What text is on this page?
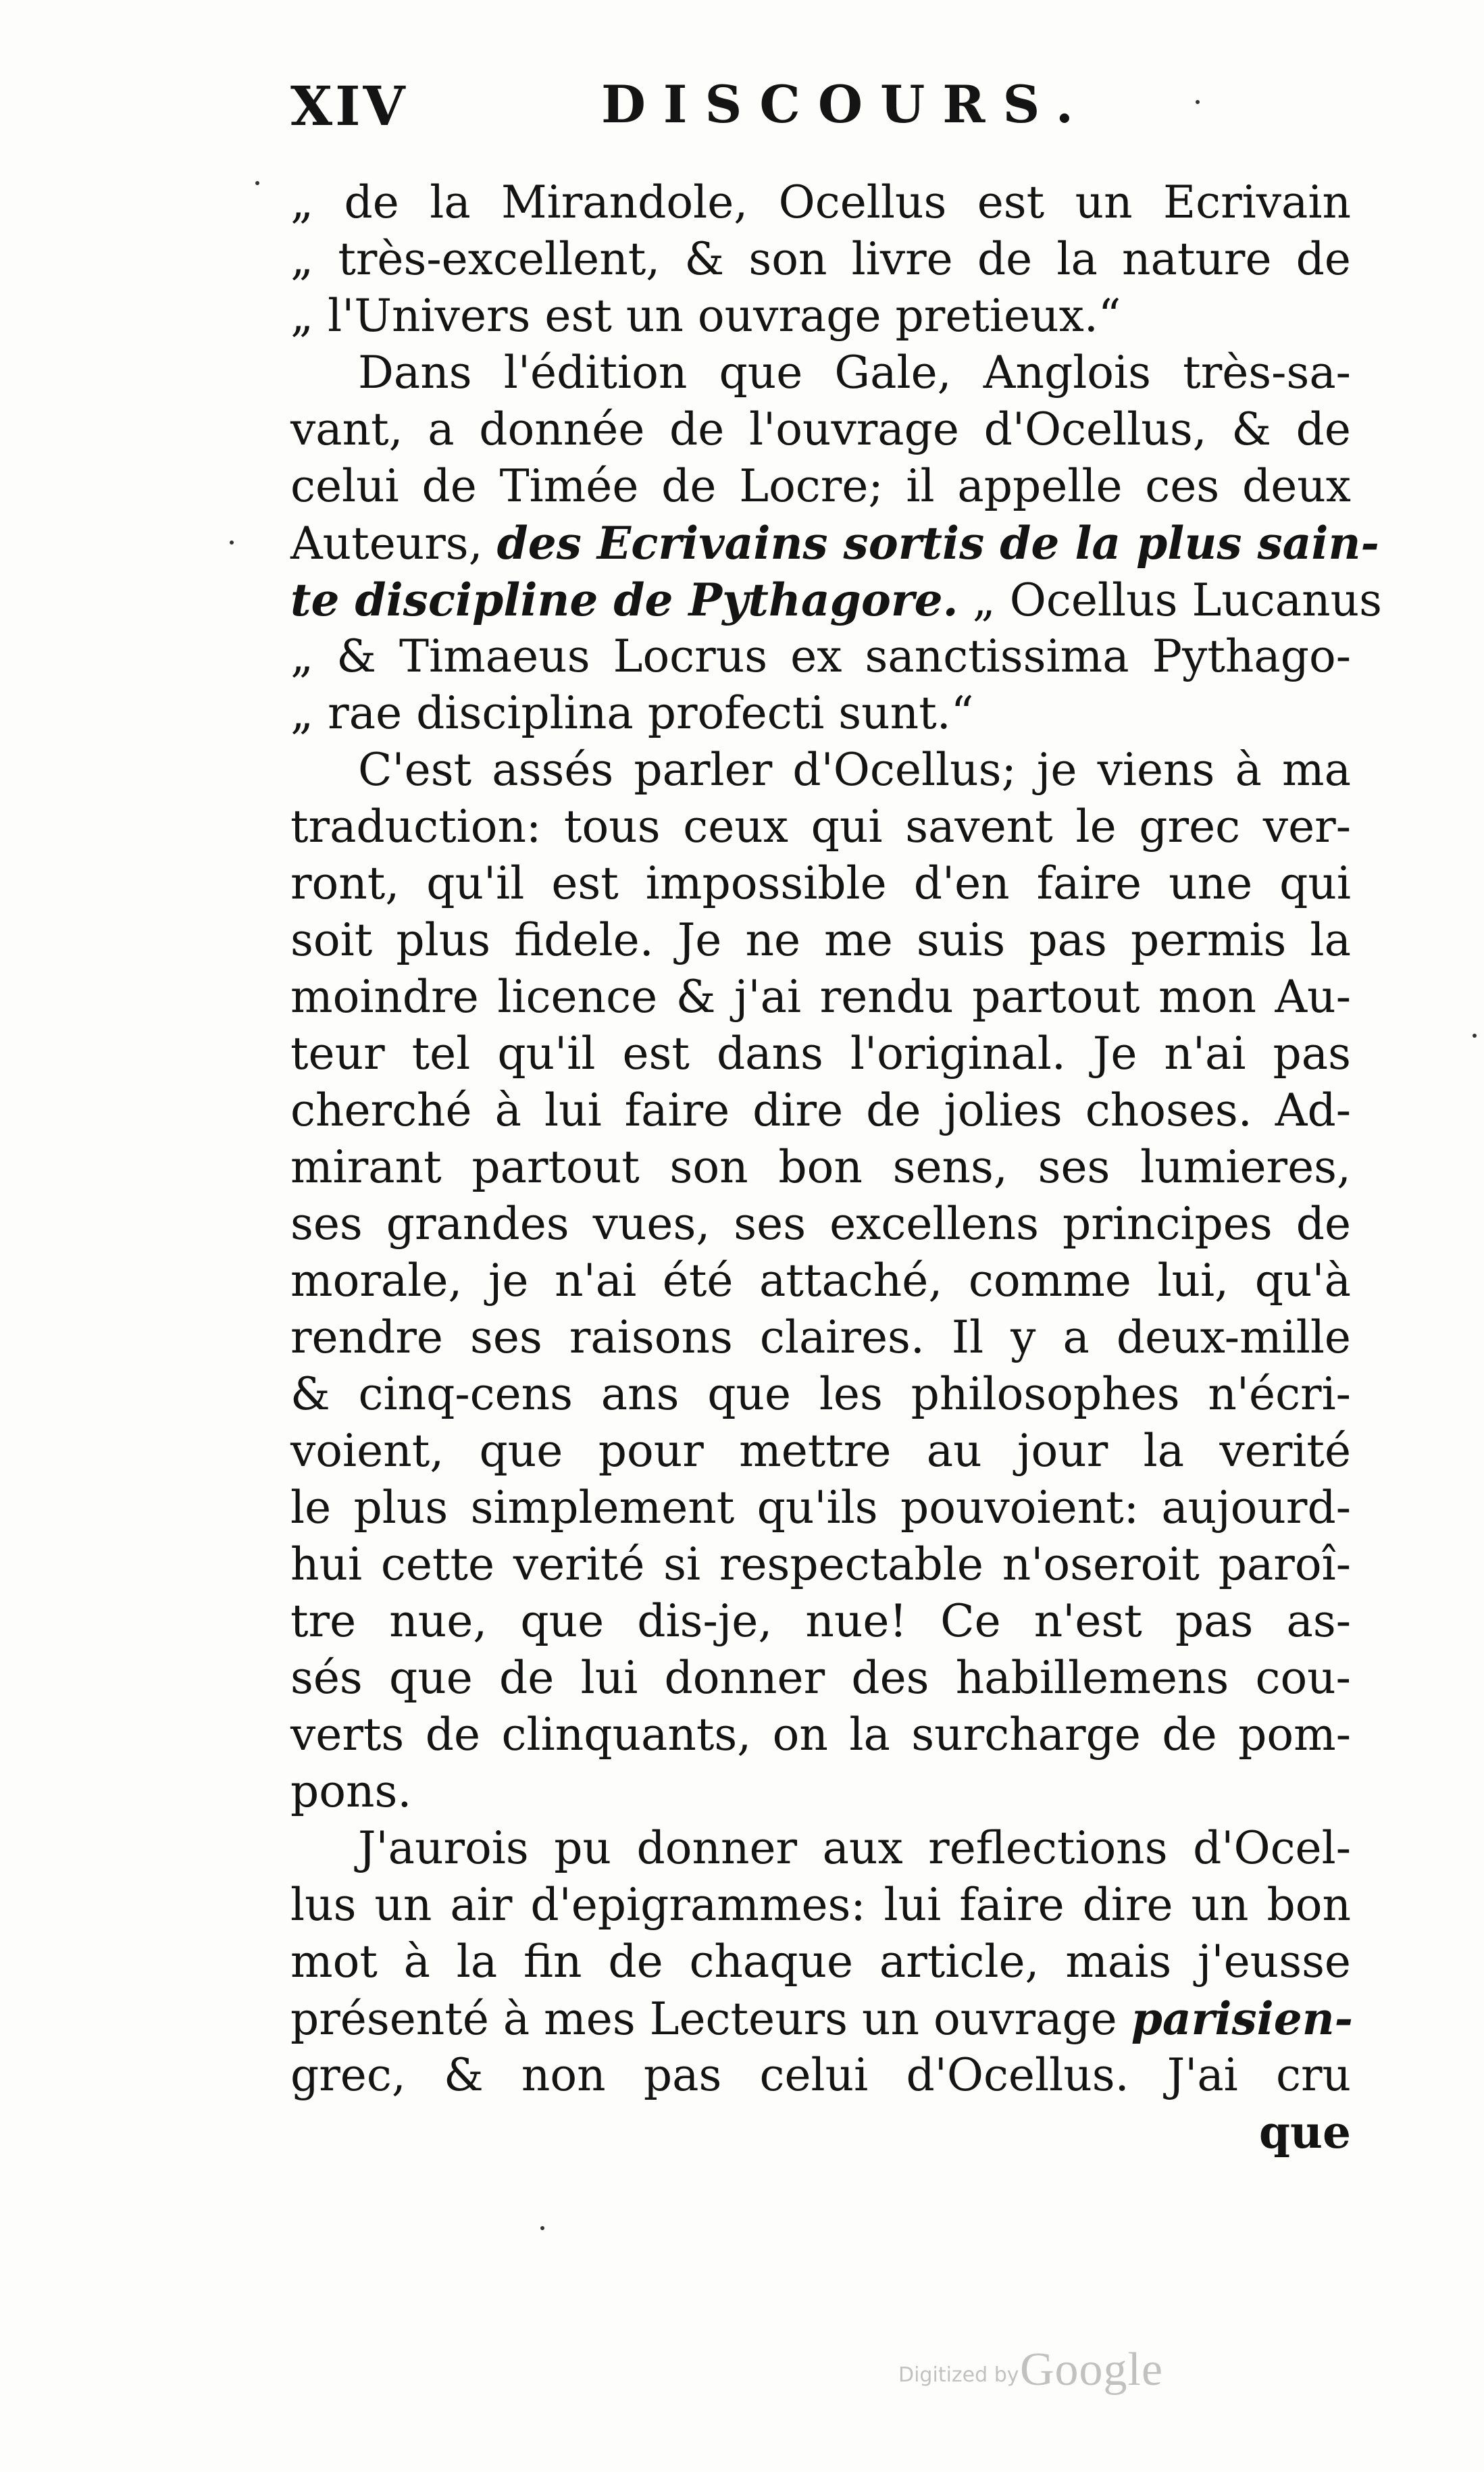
XIV	DISCOURS.
„ de la Mirandole, Ocellus est un Ecrivain
„ très-excellent, & son livre de la nature de
„ l'Univers est un ouvrage pretieux.“
Dans l'édition que Gale, Anglois très-sa-
vant, a donnée de l'ouvrage d'Ocellus, & de
celui de Timée de Locre; il appelle ces deux
Auteurs, des Ecrivains sortis de la plus sain-
te discipline de Pythagore. „ Ocellus Lucanus
„ & Timaeus Locrus ex sanctissima Pythago-
„ rae disciplina profecti sunt.“
C'est assés parler d'Ocellus; je viens à ma
traduction: tous ceux qui savent le grec ver-
ront, qu'il est impossible d'en faire une qui
soit plus fidele. Je ne me suis pas permis la
moindre licence & j'ai rendu partout mon Au-
teur tel qu'il est dans l'original. Je n'ai pas
cherché à lui faire dire de jolies choses. Ad-
mirant partout son bon sens, ses lumieres,
ses grandes vues, ses excellens principes de
morale, je n'ai été attaché, comme lui, qu'à
rendre ses raisons claires. Il y a deux-mille
& cinq-cens ans que les philosophes n'écri-
voient, que pour mettre au jour la verité
le plus simplement qu'ils pouvoient: aujourd-
hui cette verité si respectable n'oseroit paroî-
tre nue, que dis-je, nue! Ce n'est pas as-
sés que de lui donner des habillemens cou-
verts de clinquants, on la surcharge de pom-
pons.
J'aurois pu donner aux reflections d'Ocel-
lus un air d'epigrammes: lui faire dire un bon
mot à la fin de chaque article, mais j'eusse
présenté à mes Lecteurs un ouvrage parisien-
grec, & non pas celui d'Ocellus. J'ai cru
que
Digitized by Google
